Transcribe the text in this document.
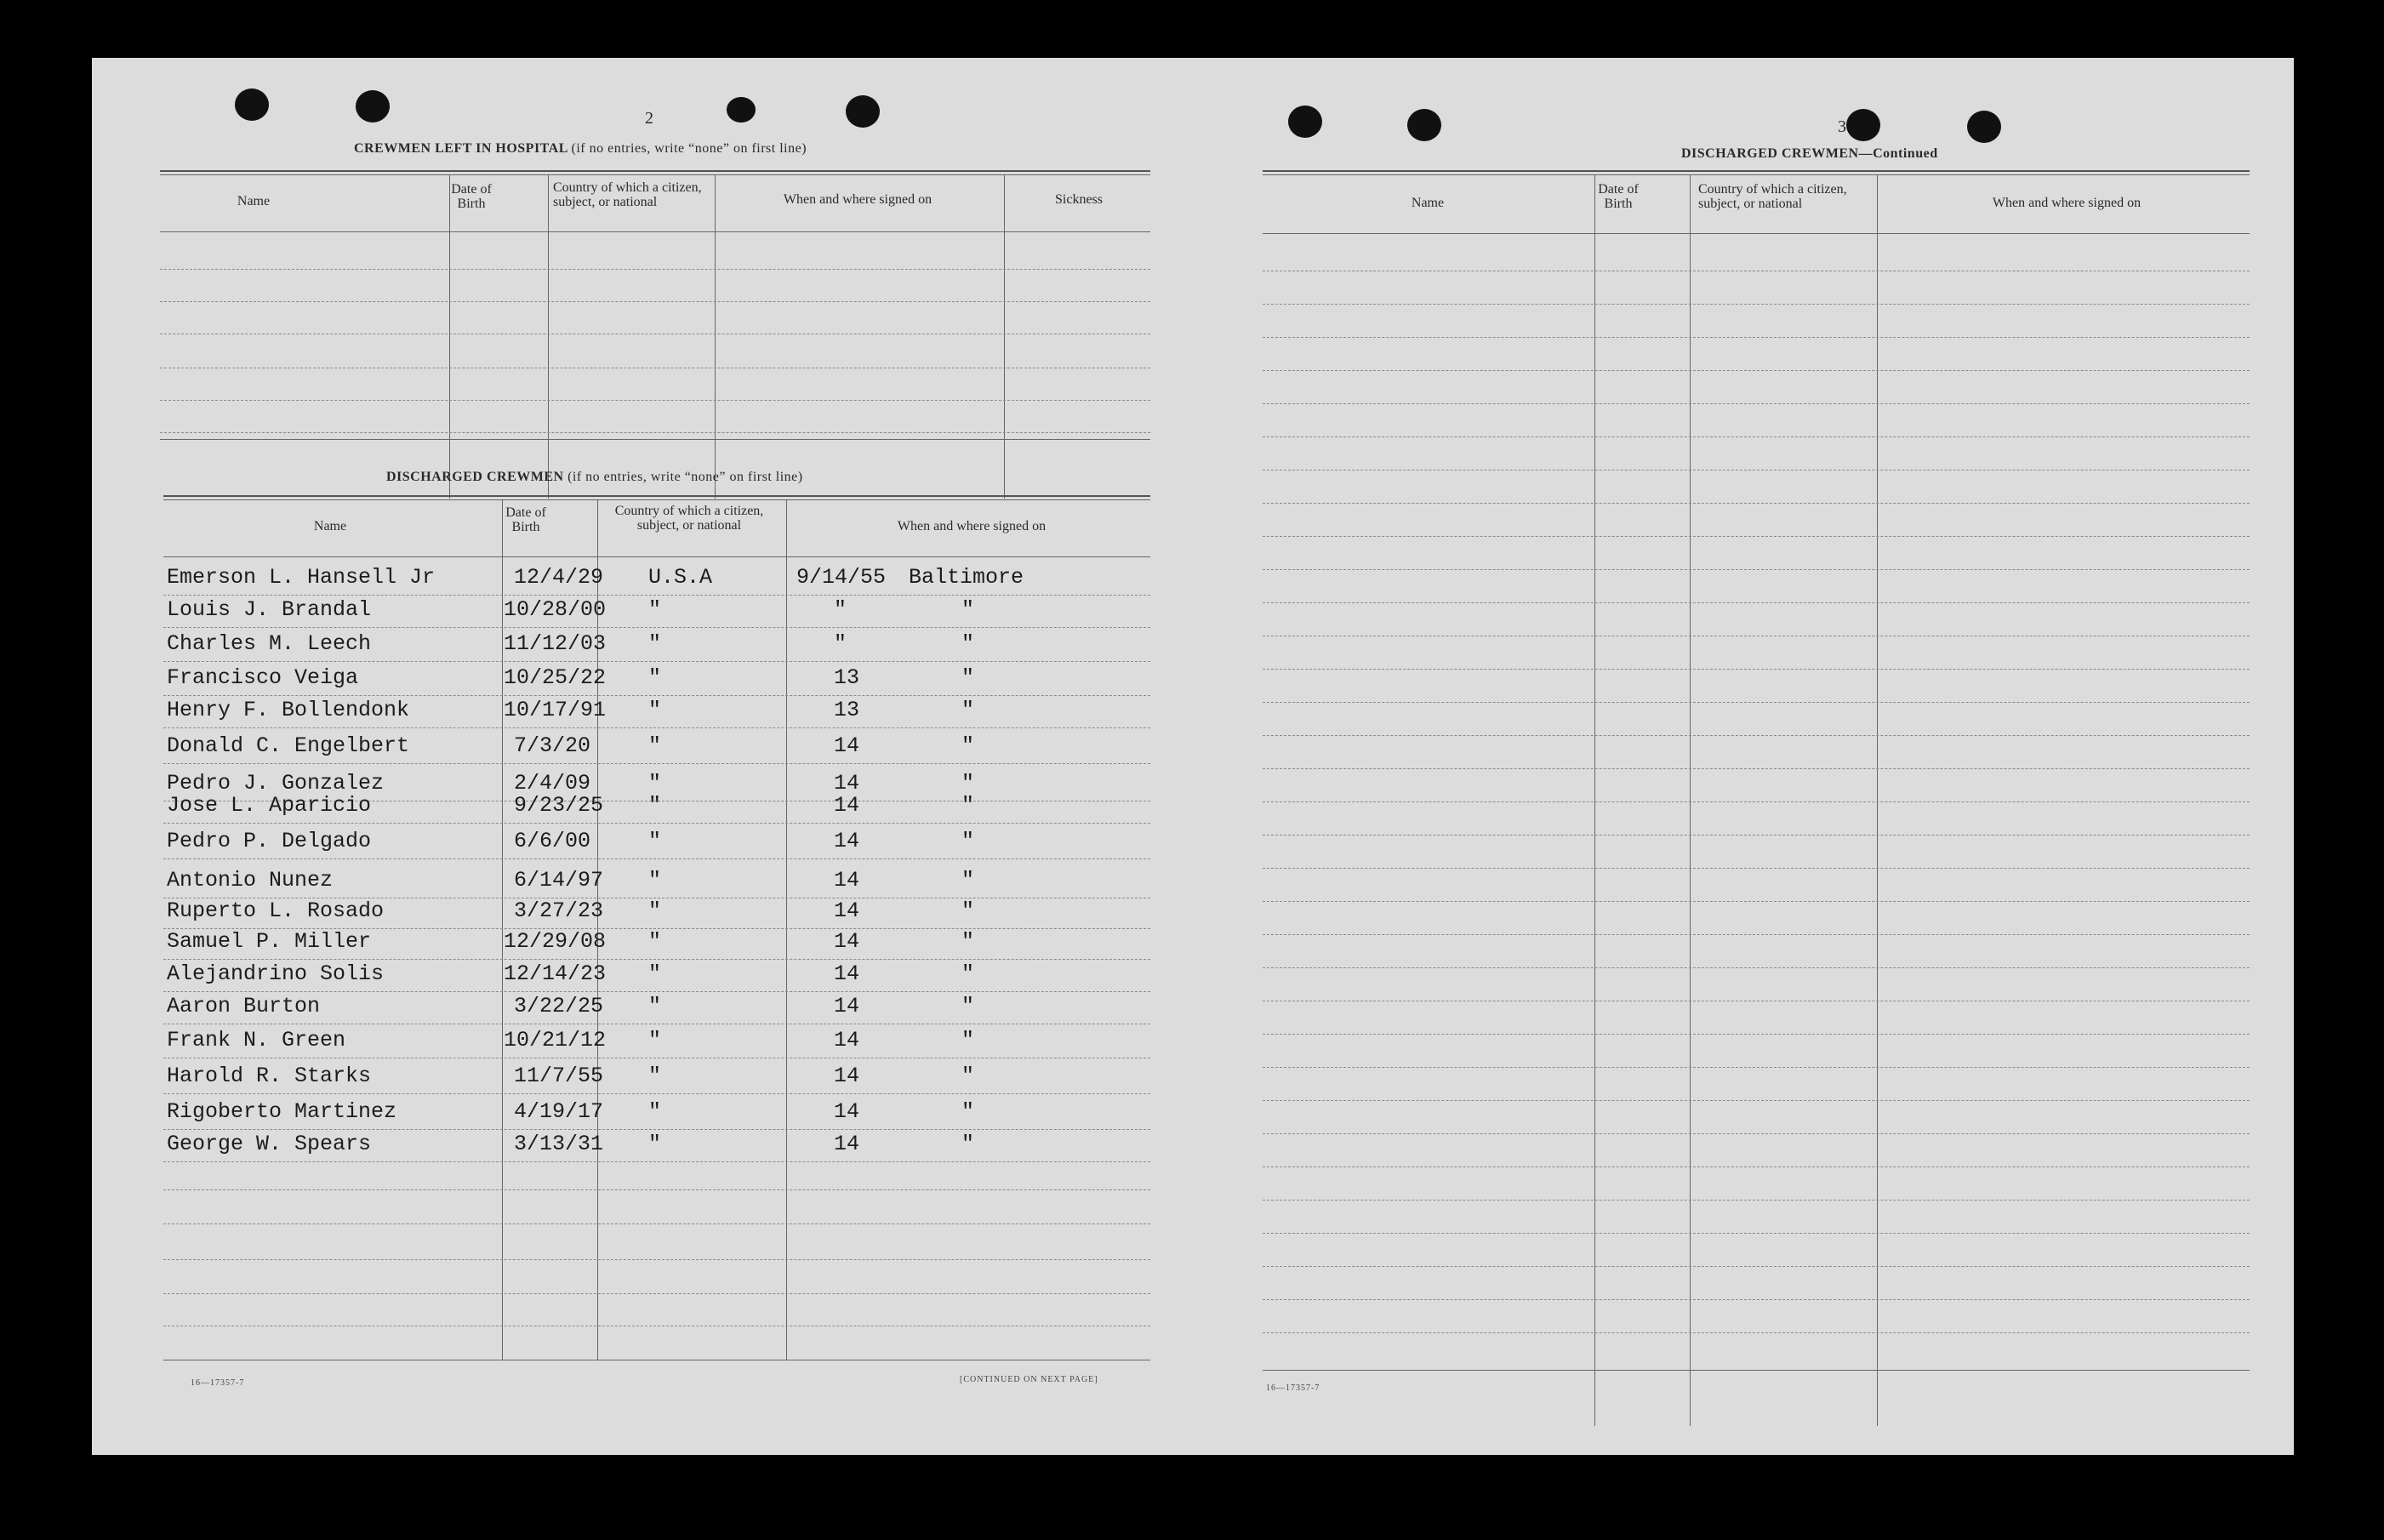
2
CREWMEN LEFT IN HOSPITAL (if no entries, write “none” on first line)
Name
Date of Birth
Country of which a citizen, subject, or national	When and where signed on	Sickness
DISCHARGED CREWMEN (if no entries, write “none” on first line)
Name
Date of Birth
Country of which a citizen, subject, or national	When and where signed on
Emerson L. Hansell Jr	12/4/29 U.S.A	9/14/55 Baltimore
Louis J. Brandal	10/28/00 "	"	"
Charles M. Leech	11/12/03 "	"	"
Francisco Veiga	10/25/22 "	13	"
Henry F. Bollendonk	10/17/91 "	13	"
Donald C. Engelbert	7/3/20	"	14	"
Pedro J. Gonzalez	2/4/09	"	14	"
Jose L. Aparicio	9/23/25 "	14	"
Pedro P. Delgado	6/6/00	"	14	"
Antonio Nunez	6/14/97 "	14	"
Ruperto L. Rosado	3/27/23 "	14	"
Samuel P. Miller	12/29/08 "	14	"
Alejandrino Solis	12/14/23 "	14	"
Aaron Burton	3/22/25 "	14	"
Frank N. Green	10/21/12 "	14	"
Harold R. Starks	11/7/55 "	14	"
Rigoberto Martinez	4/19/17 "	14	"
George W. Spears	3/13/31 "	14	"
16—17357-7	[CONTINUED ON NEXT PAGE]
3
DISCHARGED CREWMEN—Continued
Name
Date of Birth
Country of which a citizen, subject, or national	When and where signed on
16—17357-7
